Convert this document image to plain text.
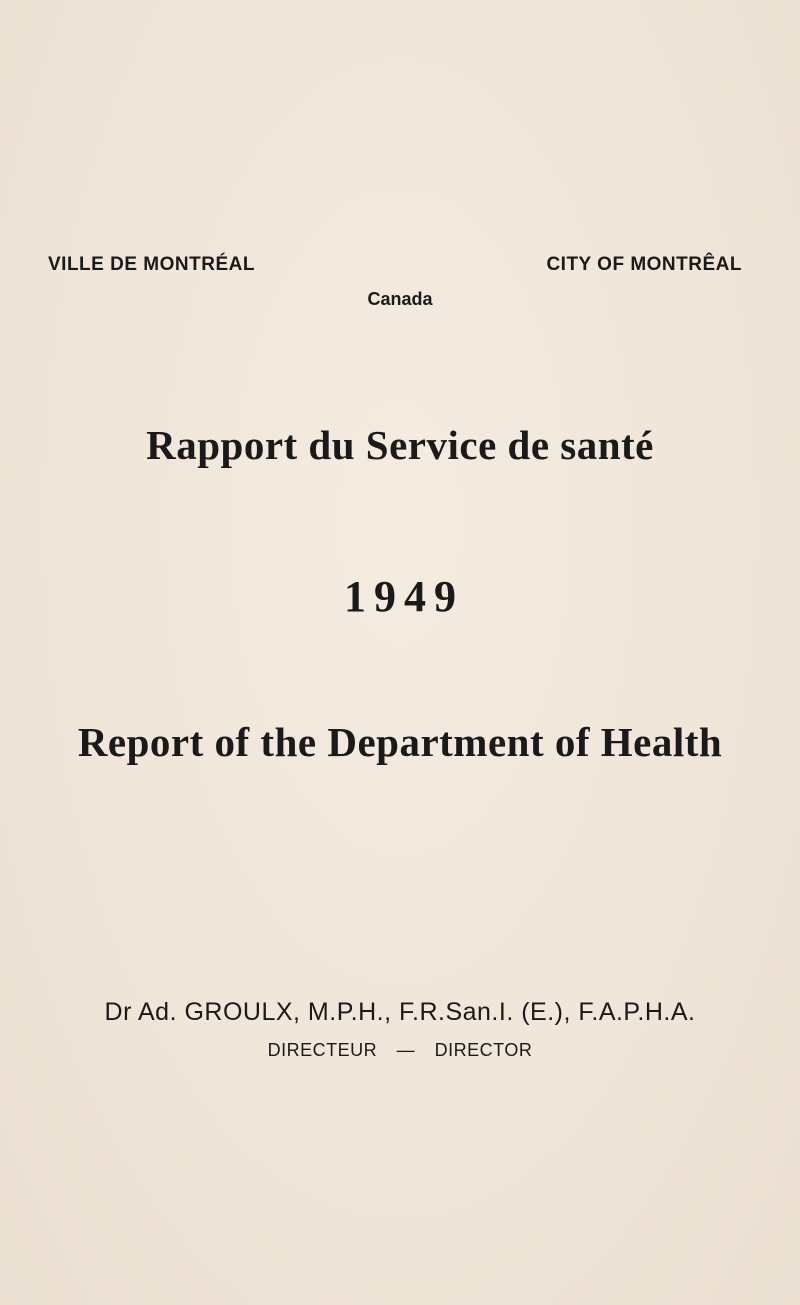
VILLE DE MONTRÉAL	CITY OF MONTRÊAL
Canada
Rapport du Service de santé
1949
Report of the Department of Health
Dr Ad. GROULX, M.P.H., F.R.San.I. (E.), F.A.P.H.A.
DIRECTEUR — DIRECTOR
